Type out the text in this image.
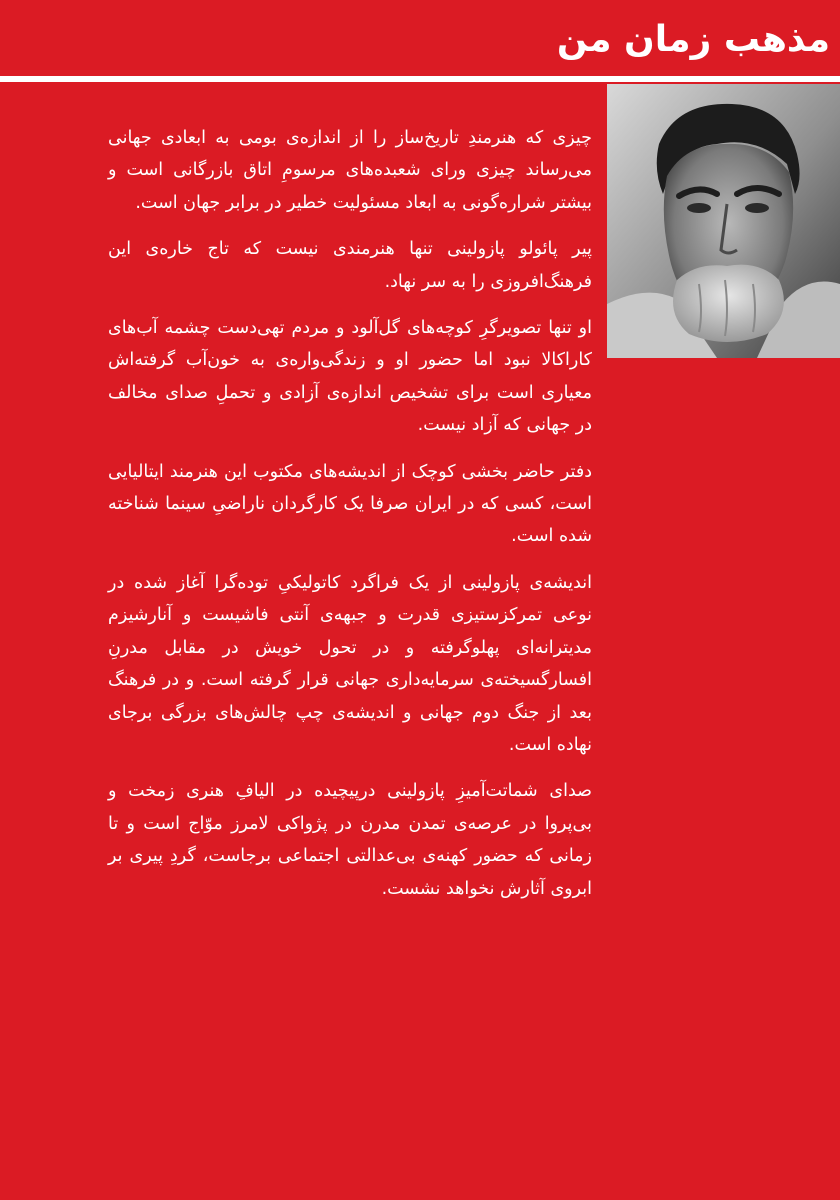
مذهب زمان من

چیزی که هنرمندِ تاریخ‌ساز را از اندازه‌ی بومی به ابعادی جهانی می‌رساند چیزی ورای شعبده‌های مرسومِ اتاق بازرگانی است و بیشتر شراره‌گونی به ابعاد مسئولیت خطیر در برابر جهان است.

پیر پائولو پازولینی تنها هنرمندی نیست که تاج خاره‌ی این فرهنگ‌افروزی را به سر نهاد.

او تنها تصویرگرِ کوچه‌های گل‌آلود و مردم تهی‌دست چشمه آب‌های کاراکالا نبود اما حضور او و زندگی‌واره‌ی به خون‌آب گرفته‌اش معیاری است برای تشخیص اندازه‌ی آزادی و تحملِ صدای مخالف در جهانی که آزاد نیست.

دفتر حاضر بخشی کوچک از اندیشه‌های مکتوب این هنرمند ایتالیایی است، کسی که در ایران صرفا یک کارگردان ناراضیِ سینما شناخته شده است.

اندیشه‌ی پازولینی از یک فراگرد کاتولیکیِ توده‌گرا آغاز شده در نوعی تمرکزستیزی قدرت و جبهه‌ی آنتی فاشیست و آنارشیزم مدیترانه‌ای پهلوگرفته و در تحول خویش در مقابل مدرنِ افسارگسیخته‌ی سرمایه‌داری جهانی قرار گرفته است. و در فرهنگ بعد از جنگ دوم جهانی و اندیشه‌ی چپ چالش‌های بزرگی برجای نهاده است.

صدای شماتت‌آمیزِ پازولینی درپیچیده در الیافِ هنری زمخت و بی‌پروا در عرصه‌ی تمدن مدرن در پژواکی لامرز موّاج است و تا زمانی که حضور کهنه‌ی بی‌عدالتی اجتماعی برجاست، گردِ پیری بر ابروی آثارش نخواهد نشست.
